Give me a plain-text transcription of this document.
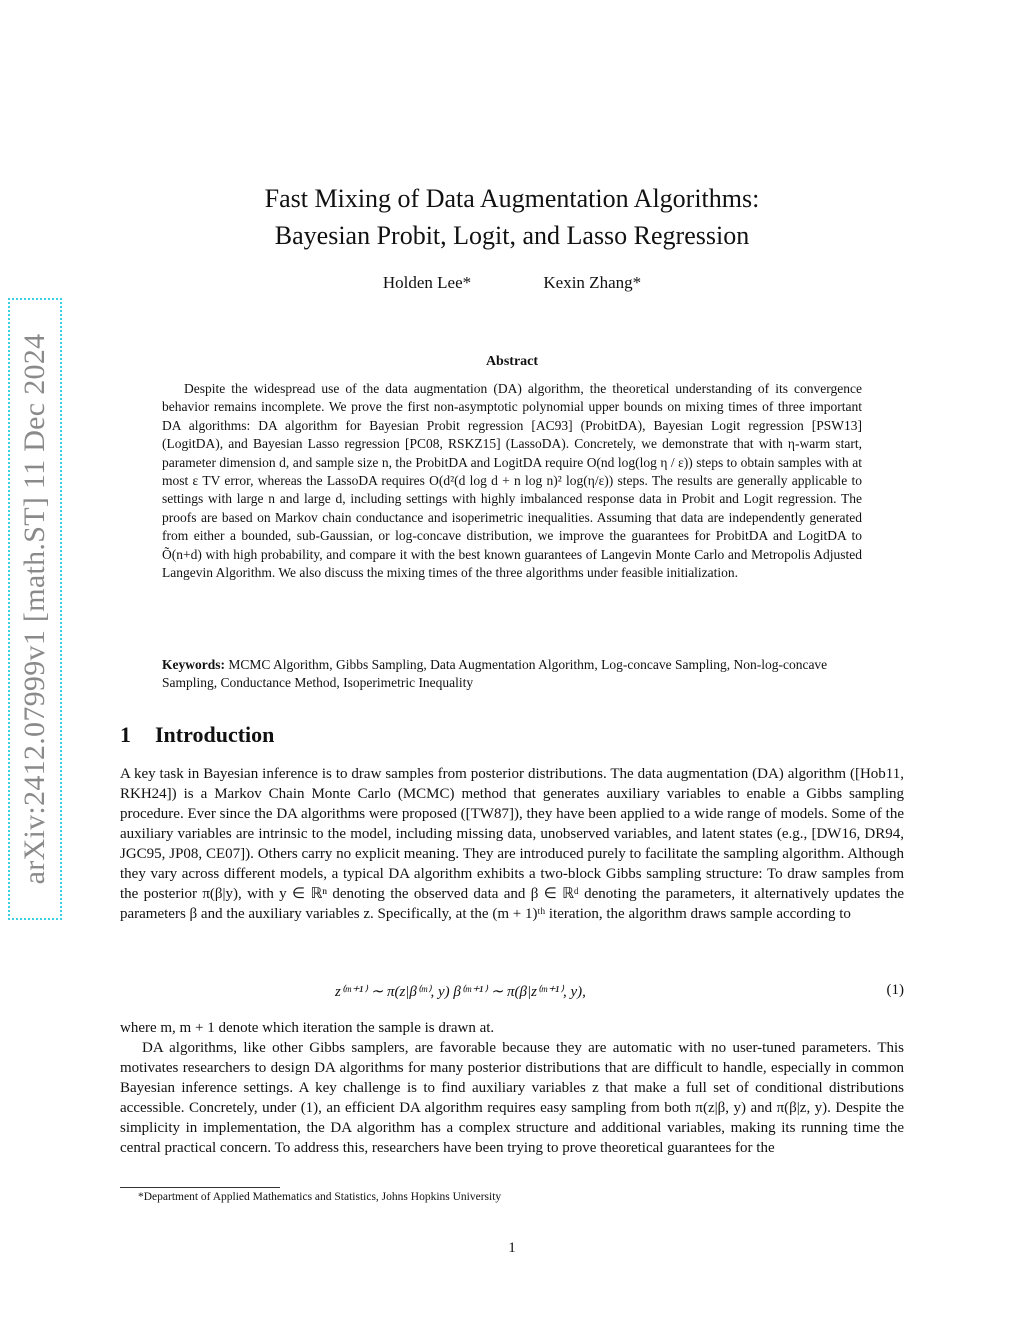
arXiv:2412.07999v1 [math.ST] 11 Dec 2024
Fast Mixing of Data Augmentation Algorithms:
Bayesian Probit, Logit, and Lasso Regression
Holden Lee*	Kexin Zhang*
Abstract

Despite the widespread use of the data augmentation (DA) algorithm, the theoretical understanding of its convergence behavior remains incomplete. We prove the first non-asymptotic polynomial upper bounds on mixing times of three important DA algorithms: DA algorithm for Bayesian Probit regression [AC93] (ProbitDA), Bayesian Logit regression [PSW13] (LogitDA), and Bayesian Lasso regression [PC08, RSKZ15] (LassoDA). Concretely, we demonstrate that with η-warm start, parameter dimension d, and sample size n, the ProbitDA and LogitDA require O(nd log(log η / ε)) steps to obtain samples with at most ε TV error, whereas the LassoDA requires O(d²(d log d + n log n)² log(η/ε)) steps. The results are generally applicable to settings with large n and large d, including settings with highly imbalanced response data in Probit and Logit regression. The proofs are based on Markov chain conductance and isoperimetric inequalities. Assuming that data are independently generated from either a bounded, sub-Gaussian, or log-concave distribution, we improve the guarantees for ProbitDA and LogitDA to Õ(n+d) with high probability, and compare it with the best known guarantees of Langevin Monte Carlo and Metropolis Adjusted Langevin Algorithm. We also discuss the mixing times of the three algorithms under feasible initialization.

Keywords: MCMC Algorithm, Gibbs Sampling, Data Augmentation Algorithm, Log-concave Sampling, Non-log-concave Sampling, Conductance Method, Isoperimetric Inequality
1 Introduction

A key task in Bayesian inference is to draw samples from posterior distributions. The data augmentation (DA) algorithm ([Hob11, RKH24]) is a Markov Chain Monte Carlo (MCMC) method that generates auxiliary variables to enable a Gibbs sampling procedure. Ever since the DA algorithms were proposed ([TW87]), they have been applied to a wide range of models. Some of the auxiliary variables are intrinsic to the model, including missing data, unobserved variables, and latent states (e.g., [DW16, DR94, JGC95, JP08, CE07]). Others carry no explicit meaning. They are introduced purely to facilitate the sampling algorithm. Although they vary across different models, a typical DA algorithm exhibits a two-block Gibbs sampling structure: To draw samples from the posterior π(β|y), with y ∈ ℝⁿ denoting the observed data and β ∈ ℝᵈ denoting the parameters, it alternatively updates the parameters β and the auxiliary variables z. Specifically, at the (m + 1)ᵗʰ iteration, the algorithm draws sample according to

z⁽ᵐ⁺¹⁾ ∼ π(z|β⁽ᵐ⁾, y) β⁽ᵐ⁺¹⁾ ∼ π(β|z⁽ᵐ⁺¹⁾, y),	(1)

where m, m + 1 denote which iteration the sample is drawn at.

DA algorithms, like other Gibbs samplers, are favorable because they are automatic with no user-tuned parameters. This motivates researchers to design DA algorithms for many posterior distributions that are difficult to handle, especially in common Bayesian inference settings. A key challenge is to find auxiliary variables z that make a full set of conditional distributions accessible. Concretely, under (1), an efficient DA algorithm requires easy sampling from both π(z|β, y) and π(β|z, y). Despite the simplicity in implementation, the DA algorithm has a complex structure and additional variables, making its running time the central practical concern. To address this, researchers have been trying to prove theoretical guarantees for the

*Department of Applied Mathematics and Statistics, Johns Hopkins University
1
